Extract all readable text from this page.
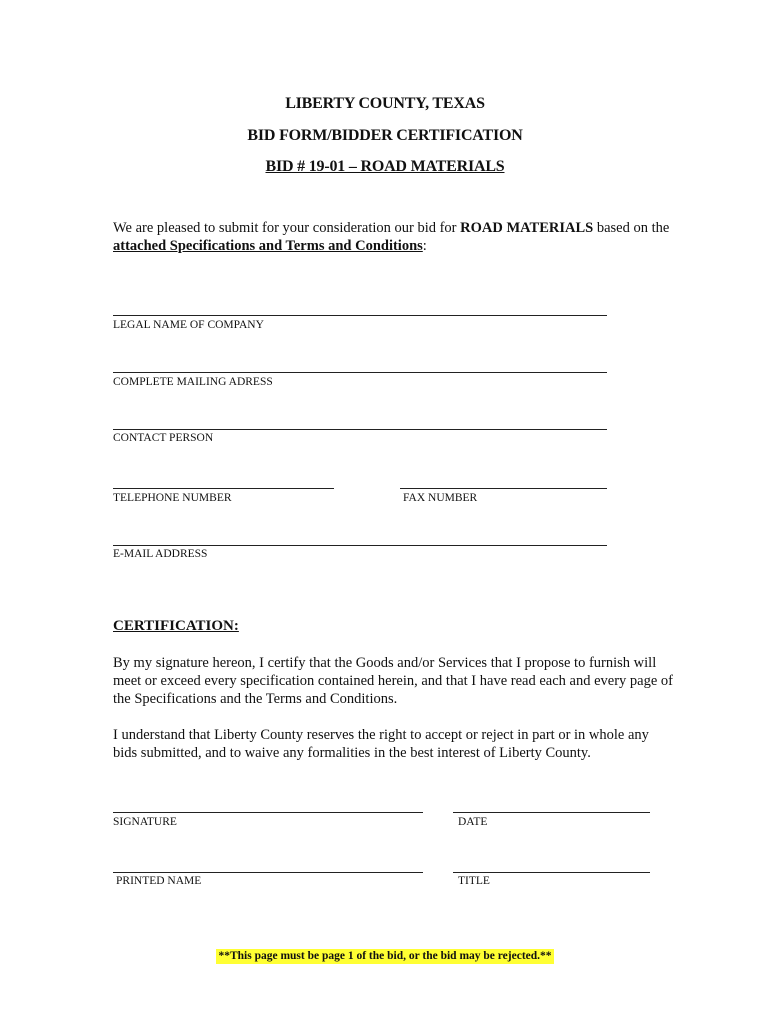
LIBERTY COUNTY, TEXAS
BID FORM/BIDDER CERTIFICATION
BID # 19-01 – ROAD MATERIALS
We are pleased to submit for your consideration our bid for ROAD MATERIALS based on the attached Specifications and Terms and Conditions:
LEGAL NAME OF COMPANY
COMPLETE MAILING ADRESS
CONTACT PERSON
TELEPHONE NUMBER	FAX NUMBER
E-MAIL ADDRESS
CERTIFICATION:
By my signature hereon, I certify that the Goods and/or Services that I propose to furnish will meet or exceed every specification contained herein, and that I have read each and every page of the Specifications and the Terms and Conditions.
I understand that Liberty County reserves the right to accept or reject in part or in whole any bids submitted, and to waive any formalities in the best interest of Liberty County.
SIGNATURE	DATE
PRINTED NAME	TITLE
**This page must be page 1 of the bid, or the bid may be rejected.**
